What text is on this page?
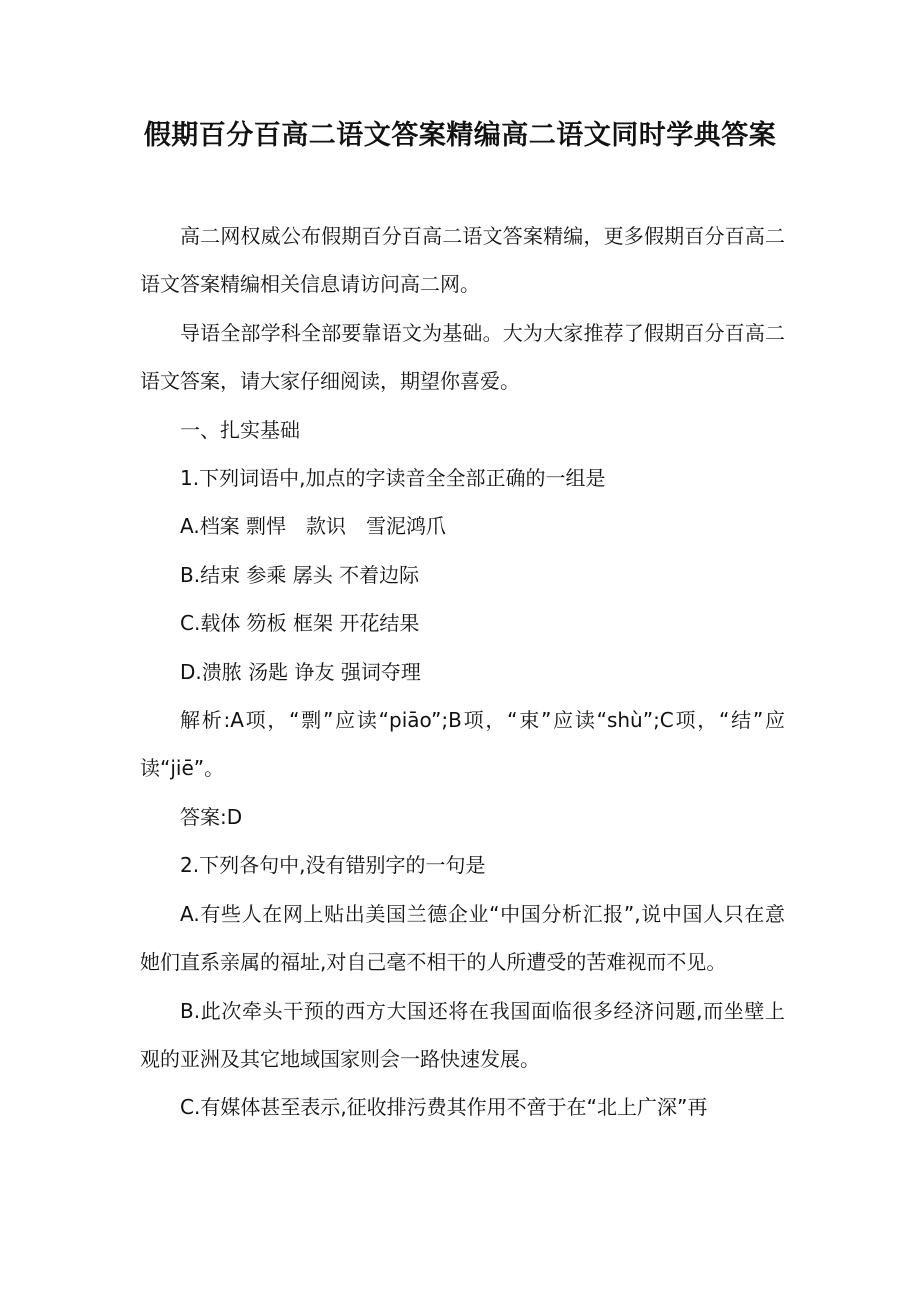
假期百分百高二语文答案精编高二语文同时学典答案

高二网权威公布假期百分百高二语文答案精编，更多假期百分百高二语文答案精编相关信息请访问高二网。

导语全部学科全部要靠语文为基础。大为大家推荐了假期百分百高二语文答案，请大家仔细阅读，期望你喜爱。

一、扎实基础

1.下列词语中,加点的字读音全全部正确的一组是

A.档案 剽悍　款识　雪泥鸿爪

B.结束 参乘 孱头 不着边际

C.载体 笏板 框架 开花结果

D.溃脓 汤匙 诤友 强词夺理

解析:A项，“剽”应读“piāo”;B项，“束”应读“shù”;C项，“结”应读“jiē”。

答案:D

2.下列各句中,没有错别字的一句是

A.有些人在网上贴出美国兰德企业“中国分析汇报”,说中国人只在意她们直系亲属的福址,对自己毫不相干的人所遭受的苦难视而不见。

B.此次牵头干预的西方大国还将在我国面临很多经济问题,而坐壁上观的亚洲及其它地域国家则会一路快速发展。

C.有媒体甚至表示,征收排污费其作用不啻于在“北上广深”再
